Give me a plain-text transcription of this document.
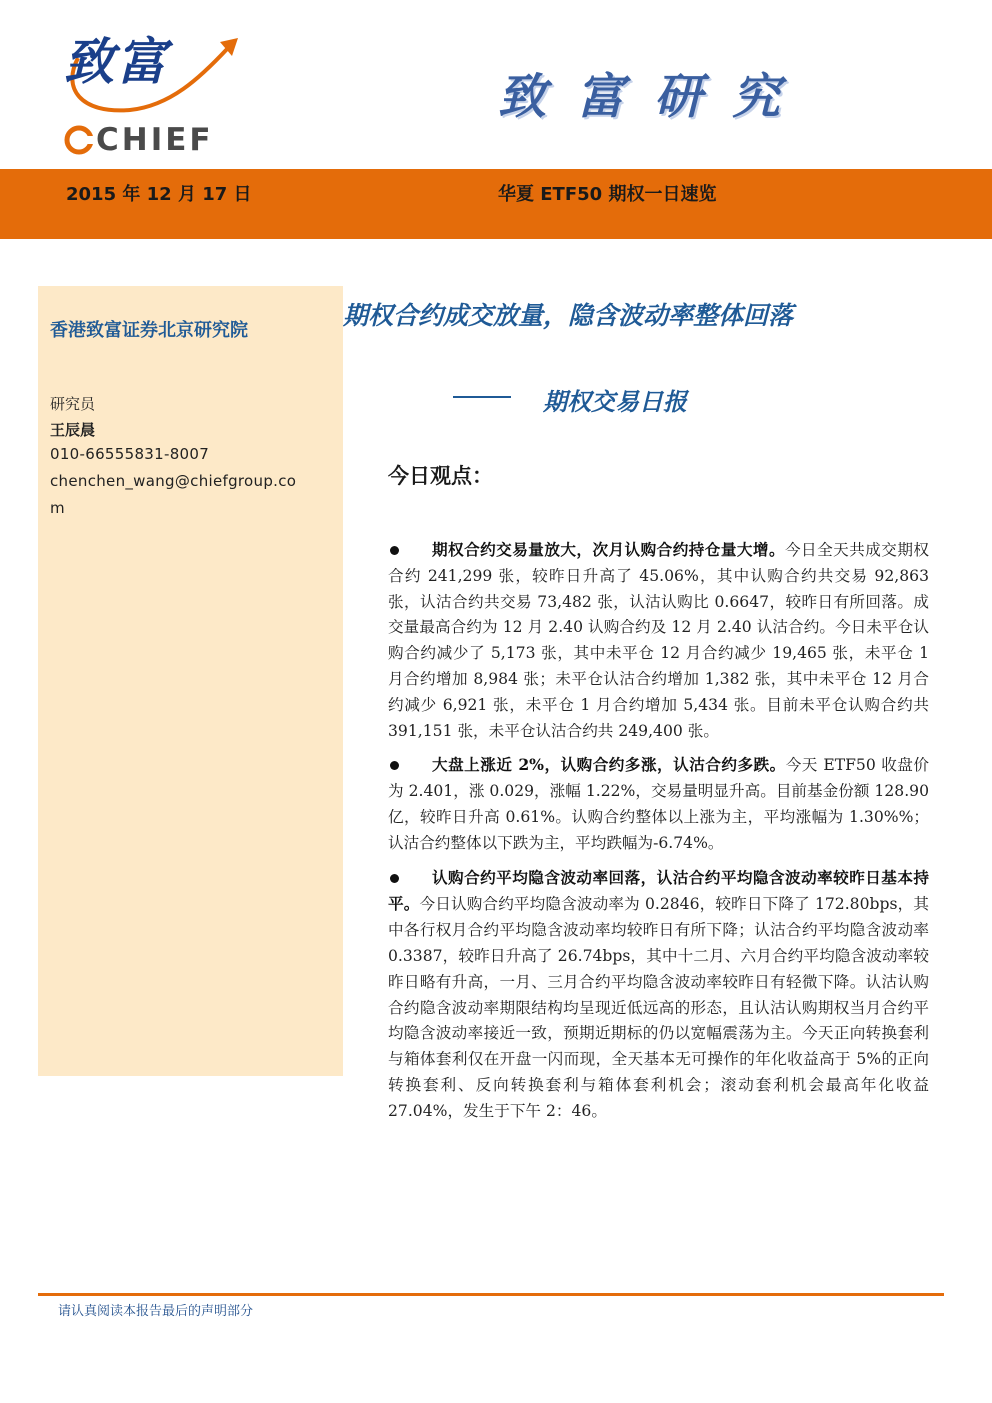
致富
CHIEF
致富研究
2015 年 12 月 17 日	华夏 ETF50 期权一日速览
香港致富证券北京研究院
研究员
王辰晨
010-66555831-8007
chenchen_wang@chiefgroup.co
m
期权合约成交放量，隐含波动率整体回落
期权交易日报
今日观点：
期权合约交易量放大，次月认购合约持仓量大增。今日全天共成交期权合约 241,299 张，较昨日升高了 45.06%，其中认购合约共交易 92,863 张，认沽合约共交易 73,482 张，认沽认购比 0.6647，较昨日有所回落。成交量最高合约为 12 月 2.40 认购合约及 12 月 2.40 认沽合约。今日未平仓认购合约减少了 5,173 张，其中未平仓 12 月合约减少 19,465 张，未平仓 1 月合约增加 8,984 张；未平仓认沽合约增加 1,382 张，其中未平仓 12 月合约减少 6,921 张，未平仓 1 月合约增加 5,434 张。目前未平仓认购合约共 391,151 张，未平仓认沽合约共 249,400 张。
大盘上涨近 2%，认购合约多涨，认沽合约多跌。今天 ETF50 收盘价为 2.401，涨 0.029，涨幅 1.22%，交易量明显升高。目前基金份额 128.90 亿，较昨日升高 0.61%。认购合约整体以上涨为主，平均涨幅为 1.30%%；认沽合约整体以下跌为主，平均跌幅为-6.74%。
认购合约平均隐含波动率回落，认沽合约平均隐含波动率较昨日基本持平。今日认购合约平均隐含波动率为 0.2846，较昨日下降了 172.80bps，其中各行权月合约平均隐含波动率均较昨日有所下降；认沽合约平均隐含波动率 0.3387，较昨日升高了 26.74bps，其中十二月、六月合约平均隐含波动率较昨日略有升高，一月、三月合约平均隐含波动率较昨日有轻微下降。认沽认购合约隐含波动率期限结构均呈现近低远高的形态，且认沽认购期权当月合约平均隐含波动率接近一致，预期近期标的仍以宽幅震荡为主。今天正向转换套利与箱体套利仅在开盘一闪而现，全天基本无可操作的年化收益高于 5%的正向转换套利、反向转换套利与箱体套利机会；滚动套利机会最高年化收益 27.04%，发生于下午 2：46。
请认真阅读本报告最后的声明部分
